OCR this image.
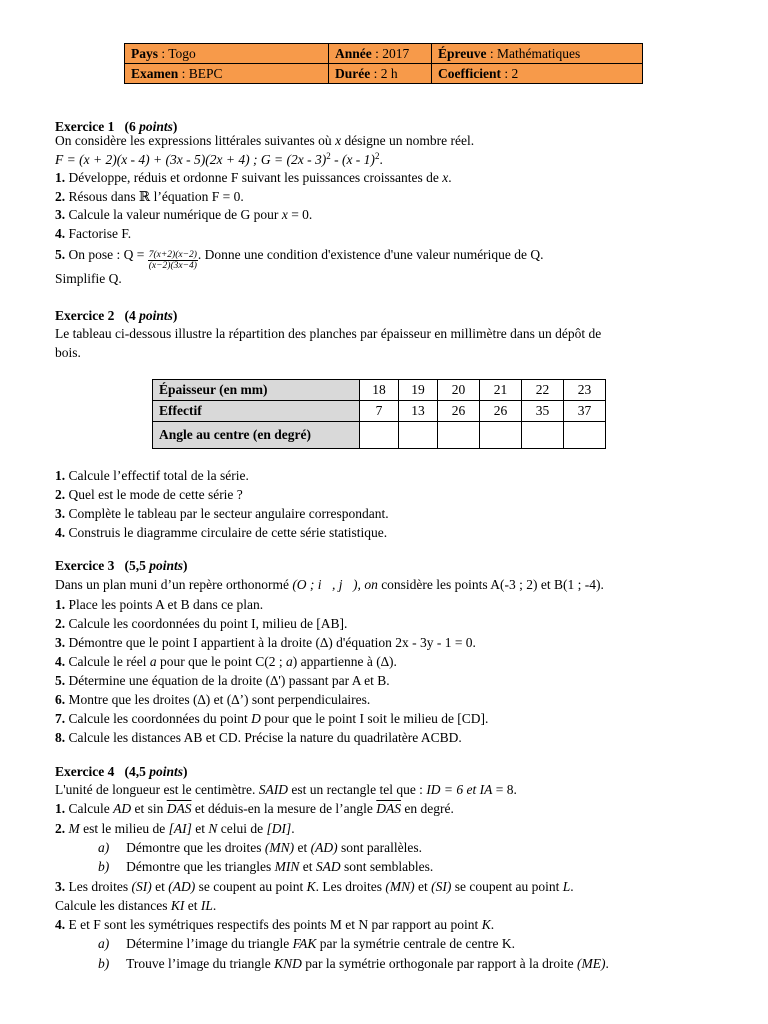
Pays : Togo	Année : 2017	Épreuve : Mathématiques
Examen : BEPC	Durée : 2 h	Coefficient : 2
Exercice 1 (6 points)
On considère les expressions littérales suivantes où x désigne un nombre réel.
F = (x + 2)(x - 4) + (3x - 5)(2x + 4) ; G = (2x - 3)$^2$ - (x - 1)$^2$.
1. Développe, réduis et ordonne F suivant les puissances croissantes de x.
2. Résous dans ℝ l’équation F = 0.
3. Calcule la valeur numérique de G pour x = 0.
4. Factorise F.
5. On pose : $Q = \frac{7(x+2)(x-2)}{(x-2)(3x-4)}$ . Donne une condition d'existence d'une valeur numérique de Q.
Simplifie Q.
Exercice 2 (4 points)
Le tableau ci-dessous illustre la répartition des planches par épaisseur en millimètre dans un dépôt de
bois.
Épaisseur (en mm)	18	19	20	21	22	23
Effectif	7	13	26	26	35	37
Angle au centre (en degré)						
1. Calcule l’effectif total de la série.
2. Quel est le mode de cette série ?
3. Complète le tableau par le secteur angulaire correspondant.
4. Construis le diagramme circulaire de cette série statistique.
Exercice 3 (5,5 points)
Dans un plan muni d’un repère orthonormé (O ; i⃗, j⃗), on considère les points A(-3 ; 2) et B(1 ; -4).
1. Place les points A et B dans ce plan.
2. Calcule les coordonnées du point I, milieu de [AB].
3. Démontre que le point I appartient à la droite (∆) d'équation 2x - 3y - 1 = 0.
4. Calcule le réel a pour que le point C(2 ; a) appartienne à (∆).
5. Détermine une équation de la droite (∆') passant par A et B.
6. Montre que les droites (∆) et (∆’) sont perpendiculaires.
7. Calcule les coordonnées du point D pour que le point I soit le milieu de [CD].
8. Calcule les distances AB et CD. Précise la nature du quadrilatère ACBD.
Exercice 4 (4,5 points)
L'unité de longueur est le centimètre. SAID est un rectangle tel que : ID = 6 et IA = 8.
1. Calcule AD et $\sin \overline{DAS}$ et déduis-en la mesure de l’angle $\overline{DAS}$ en degré.
2. M est le milieu de [AI] et N celui de [DI].
a) Démontre que les droites (MN) et (AD) sont parallèles.
b) Démontre que les triangles MIN et SAD sont semblables.
3. Les droites (SI) et (AD) se coupent au point K. Les droites (MN) et (SI) se coupent au point L.
Calcule les distances KI et IL.
4. E et F sont les symétriques respectifs des points M et N par rapport au point K.
a) Détermine l’image du triangle FAK par la symétrie centrale de centre K.
b) Trouve l’image du triangle KND par la symétrie orthogonale par rapport à la droite (ME).
